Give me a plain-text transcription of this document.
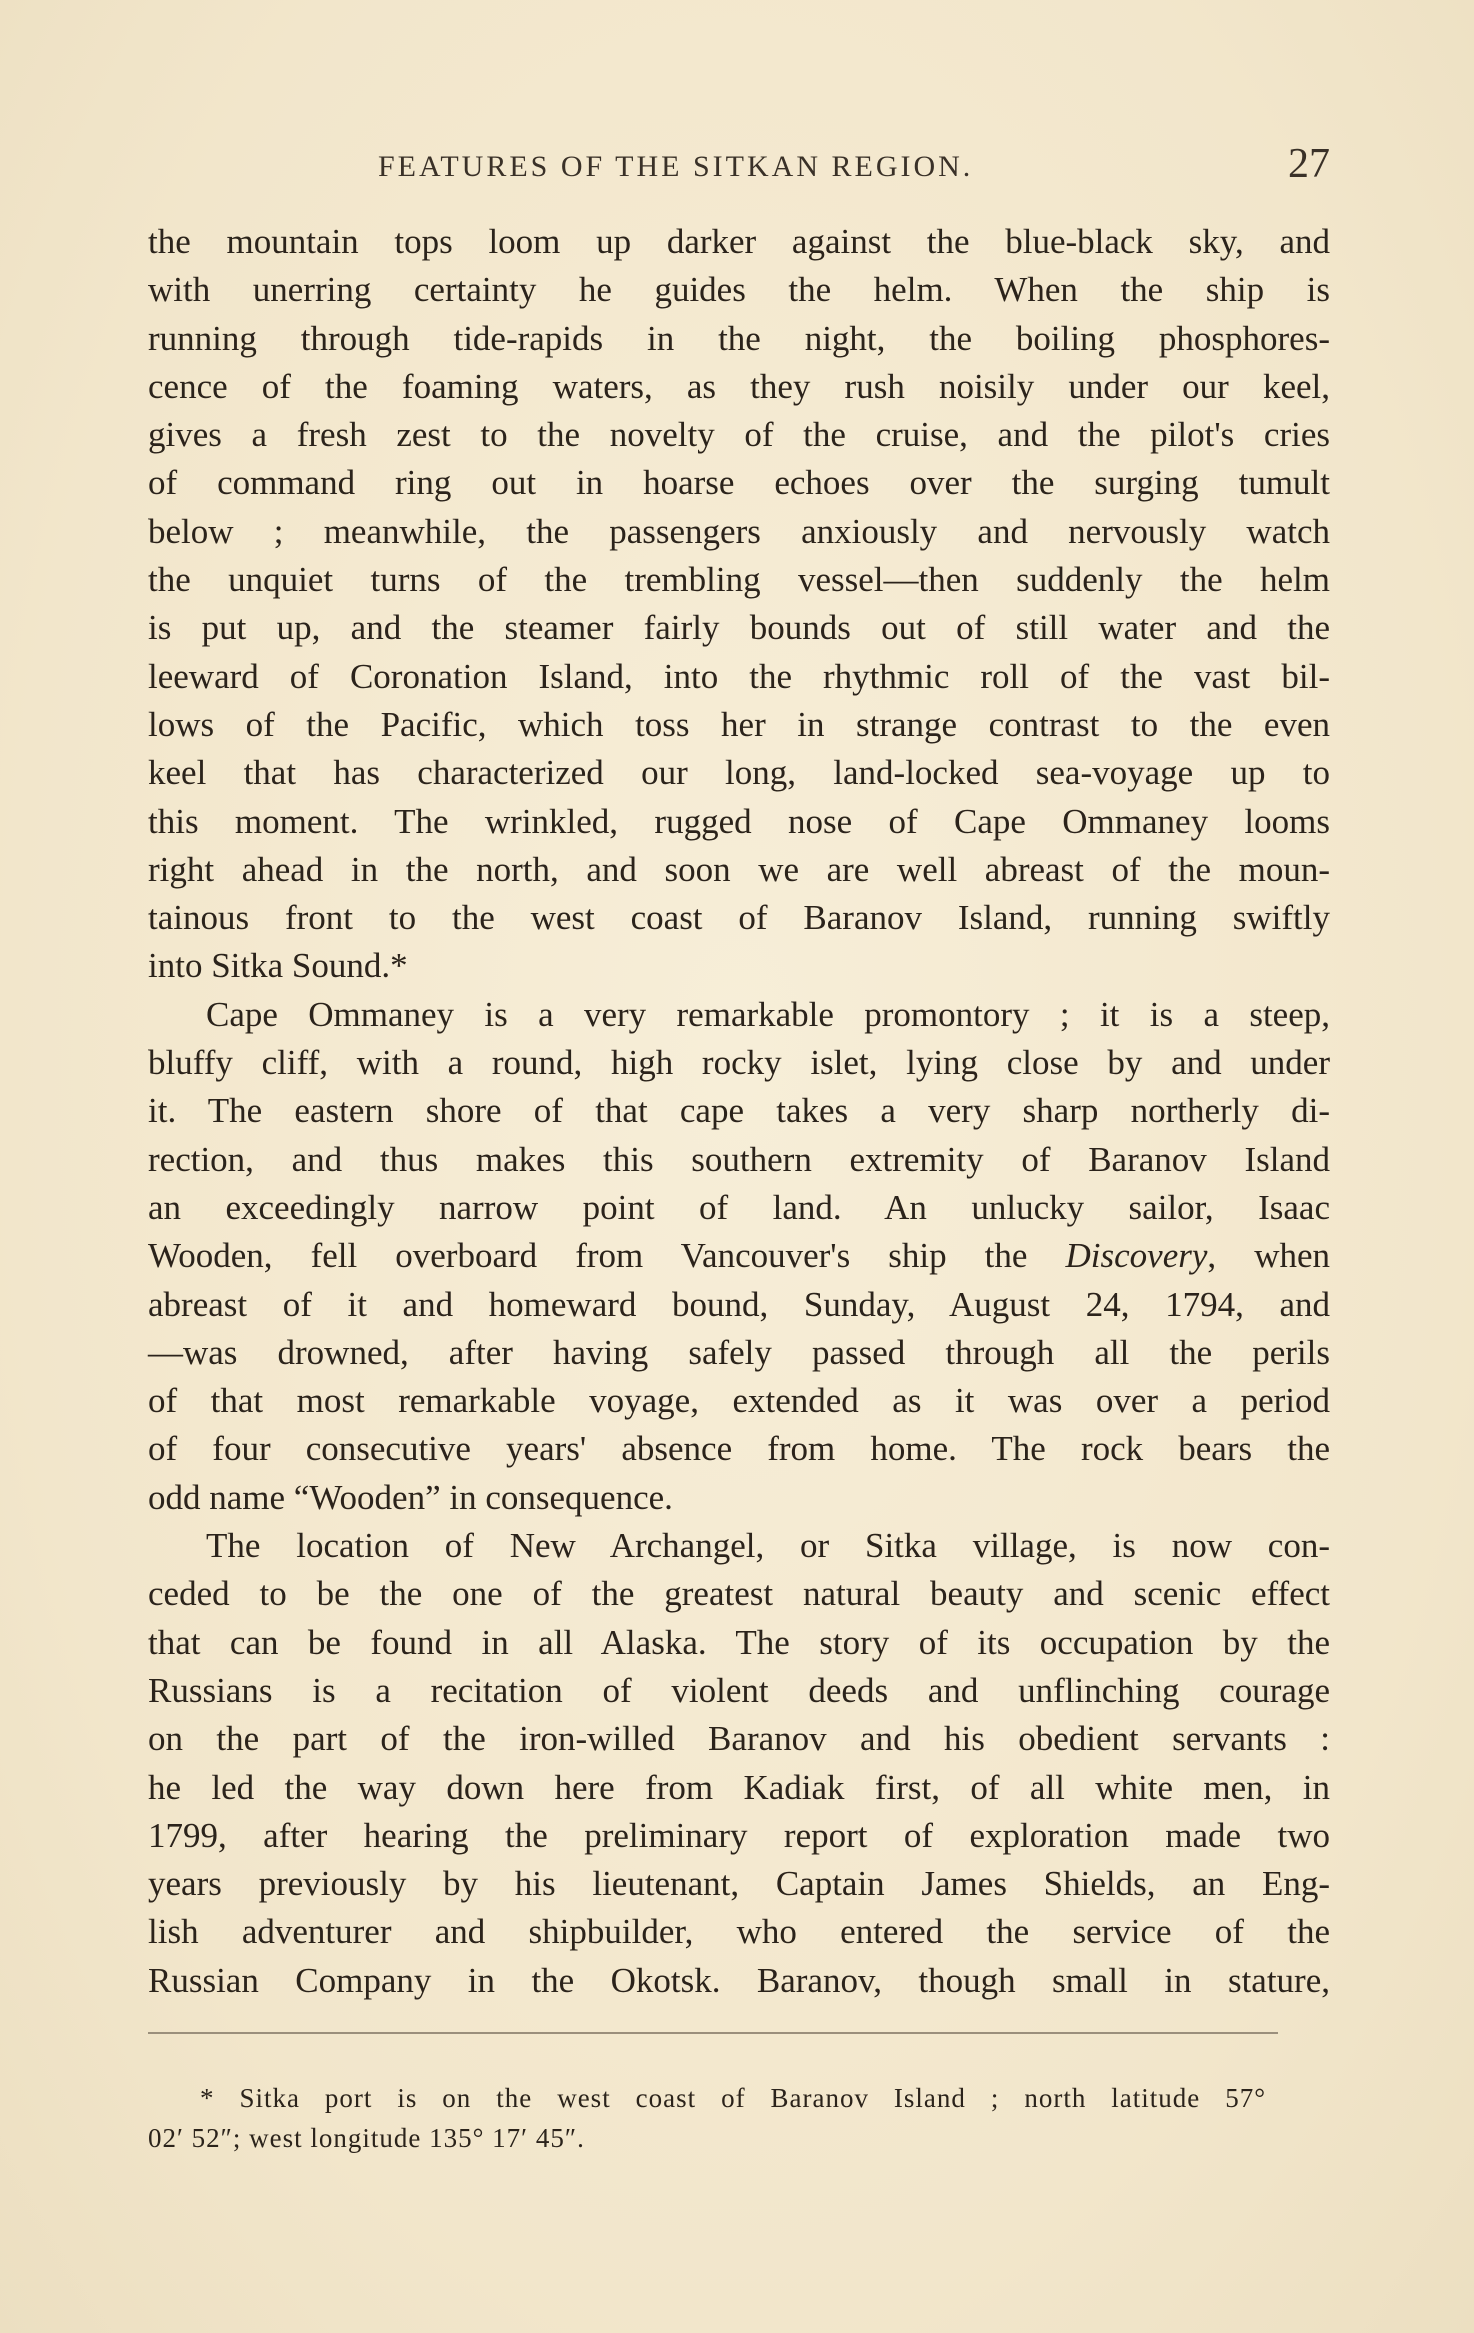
FEATURES OF THE SITKAN REGION.	27
the mountain tops loom up darker against the blue-black sky, and
with unerring certainty he guides the helm. When the ship is
running through tide-rapids in the night, the boiling phosphores-
cence of the foaming waters, as they rush noisily under our keel,
gives a fresh zest to the novelty of the cruise, and the pilot's cries
of command ring out in hoarse echoes over the surging tumult
below ; meanwhile, the passengers anxiously and nervously watch
the unquiet turns of the trembling vessel—then suddenly the helm
is put up, and the steamer fairly bounds out of still water and the
leeward of Coronation Island, into the rhythmic roll of the vast bil-
lows of the Pacific, which toss her in strange contrast to the even
keel that has characterized our long, land-locked sea-voyage up to
this moment. The wrinkled, rugged nose of Cape Ommaney looms
right ahead in the north, and soon we are well abreast of the moun-
tainous front to the west coast of Baranov Island, running swiftly
into Sitka Sound.*
Cape Ommaney is a very remarkable promontory ; it is a steep,
bluffy cliff, with a round, high rocky islet, lying close by and under
it. The eastern shore of that cape takes a very sharp northerly di-
rection, and thus makes this southern extremity of Baranov Island
an exceedingly narrow point of land. An unlucky sailor, Isaac
Wooden, fell overboard from Vancouver's ship the Discovery, when
abreast of it and homeward bound, Sunday, August 24, 1794, and
—was drowned, after having safely passed through all the perils
of that most remarkable voyage, extended as it was over a period
of four consecutive years' absence from home. The rock bears the
odd name “Wooden” in consequence.
The location of New Archangel, or Sitka village, is now con-
ceded to be the one of the greatest natural beauty and scenic effect
that can be found in all Alaska. The story of its occupation by the
Russians is a recitation of violent deeds and unflinching courage
on the part of the iron-willed Baranov and his obedient servants :
he led the way down here from Kadiak first, of all white men, in
1799, after hearing the preliminary report of exploration made two
years previously by his lieutenant, Captain James Shields, an Eng-
lish adventurer and shipbuilder, who entered the service of the
Russian Company in the Okotsk. Baranov, though small in stature,
* Sitka port is on the west coast of Baranov Island ; north latitude 57°
02′ 52″; west longitude 135° 17′ 45″.
